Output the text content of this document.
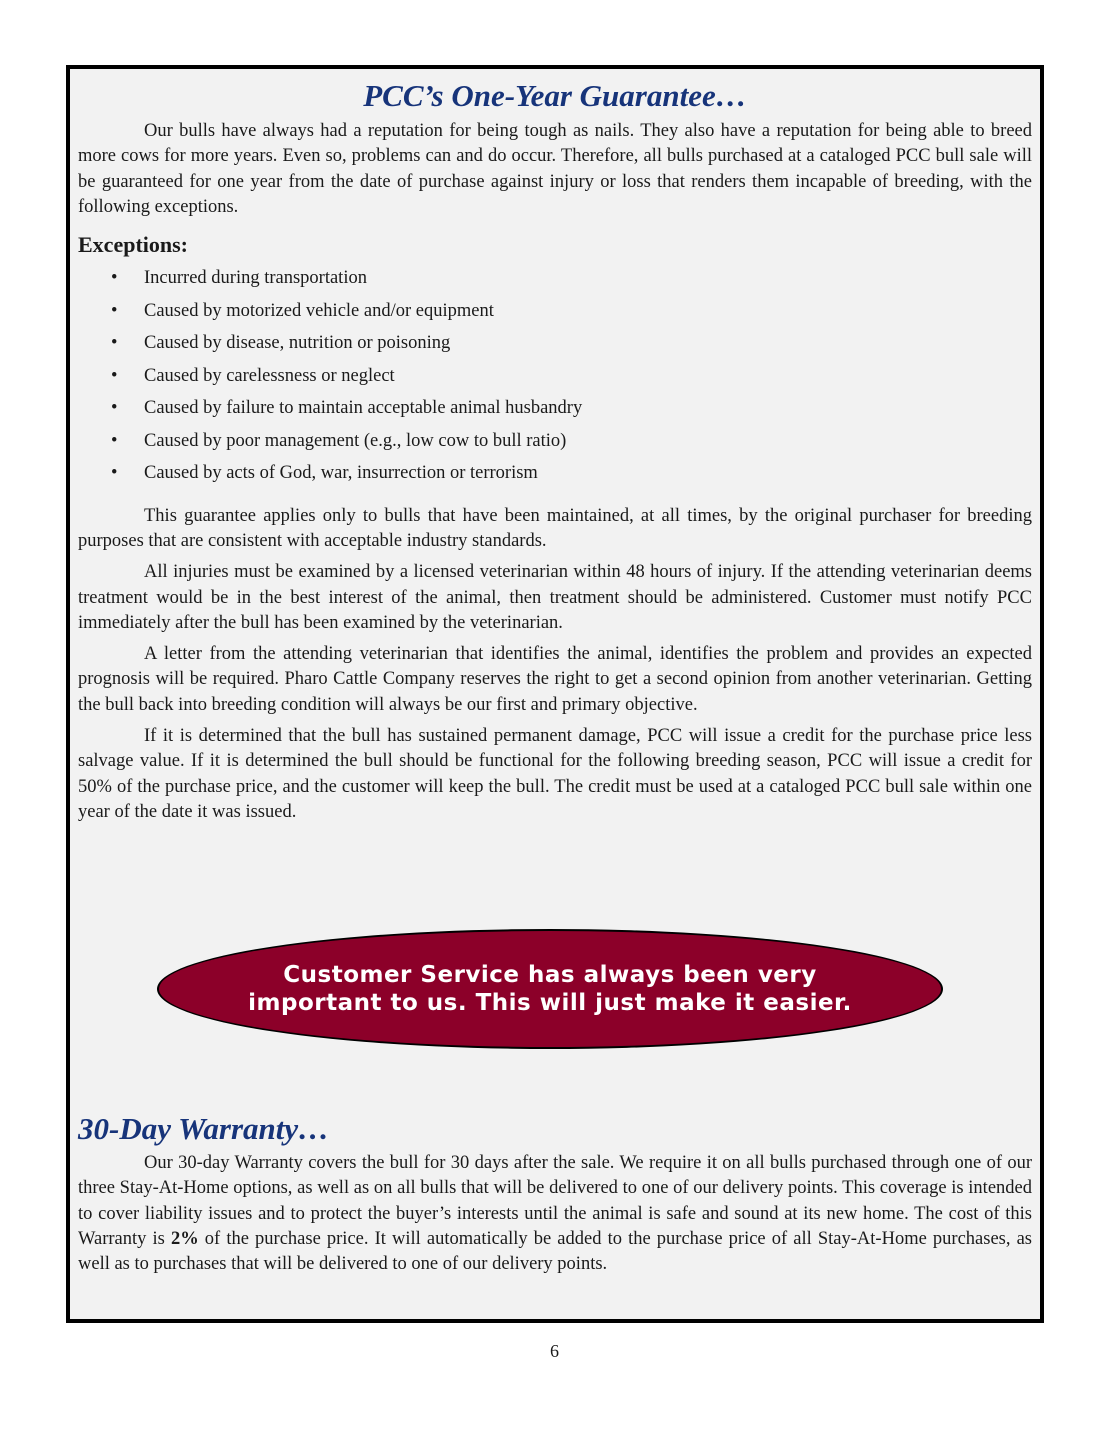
PCC’s One-Year Guarantee…

Our bulls have always had a reputation for being tough as nails. They also have a reputation for being able to breed more cows for more years. Even so, problems can and do occur. Therefore, all bulls purchased at a cataloged PCC bull sale will be guaranteed for one year from the date of purchase against injury or loss that renders them incapable of breeding, with the following exceptions.

Exceptions:
• Incurred during transportation
• Caused by motorized vehicle and/or equipment
• Caused by disease, nutrition or poisoning
• Caused by carelessness or neglect
• Caused by failure to maintain acceptable animal husbandry
• Caused by poor management (e.g., low cow to bull ratio)
• Caused by acts of God, war, insurrection or terrorism

This guarantee applies only to bulls that have been maintained, at all times, by the original purchaser for breeding purposes that are consistent with acceptable industry standards.

All injuries must be examined by a licensed veterinarian within 48 hours of injury. If the attending veterinarian deems treatment would be in the best interest of the animal, then treatment should be administered. Customer must notify PCC immediately after the bull has been examined by the veterinarian.

A letter from the attending veterinarian that identifies the animal, identifies the problem and provides an expected prognosis will be required. Pharo Cattle Company reserves the right to get a second opinion from another veterinarian. Getting the bull back into breeding condition will always be our first and primary objective.

If it is determined that the bull has sustained permanent damage, PCC will issue a credit for the purchase price less salvage value. If it is determined the bull should be functional for the following breeding season, PCC will issue a credit for 50% of the purchase price, and the customer will keep the bull. The credit must be used at a cataloged PCC bull sale within one year of the date it was issued.

Customer Service has always been very
important to us. This will just make it easier.
30-Day Warranty…

Our 30-day Warranty covers the bull for 30 days after the sale. We require it on all bulls purchased through one of our three Stay-At-Home options, as well as on all bulls that will be delivered to one of our delivery points. This coverage is intended to cover liability issues and to protect the buyer’s interests until the animal is safe and sound at its new home. The cost of this Warranty is 2% of the purchase price. It will automatically be added to the purchase price of all Stay-At-Home purchases, as well as to purchases that will be delivered to one of our delivery points.

6
